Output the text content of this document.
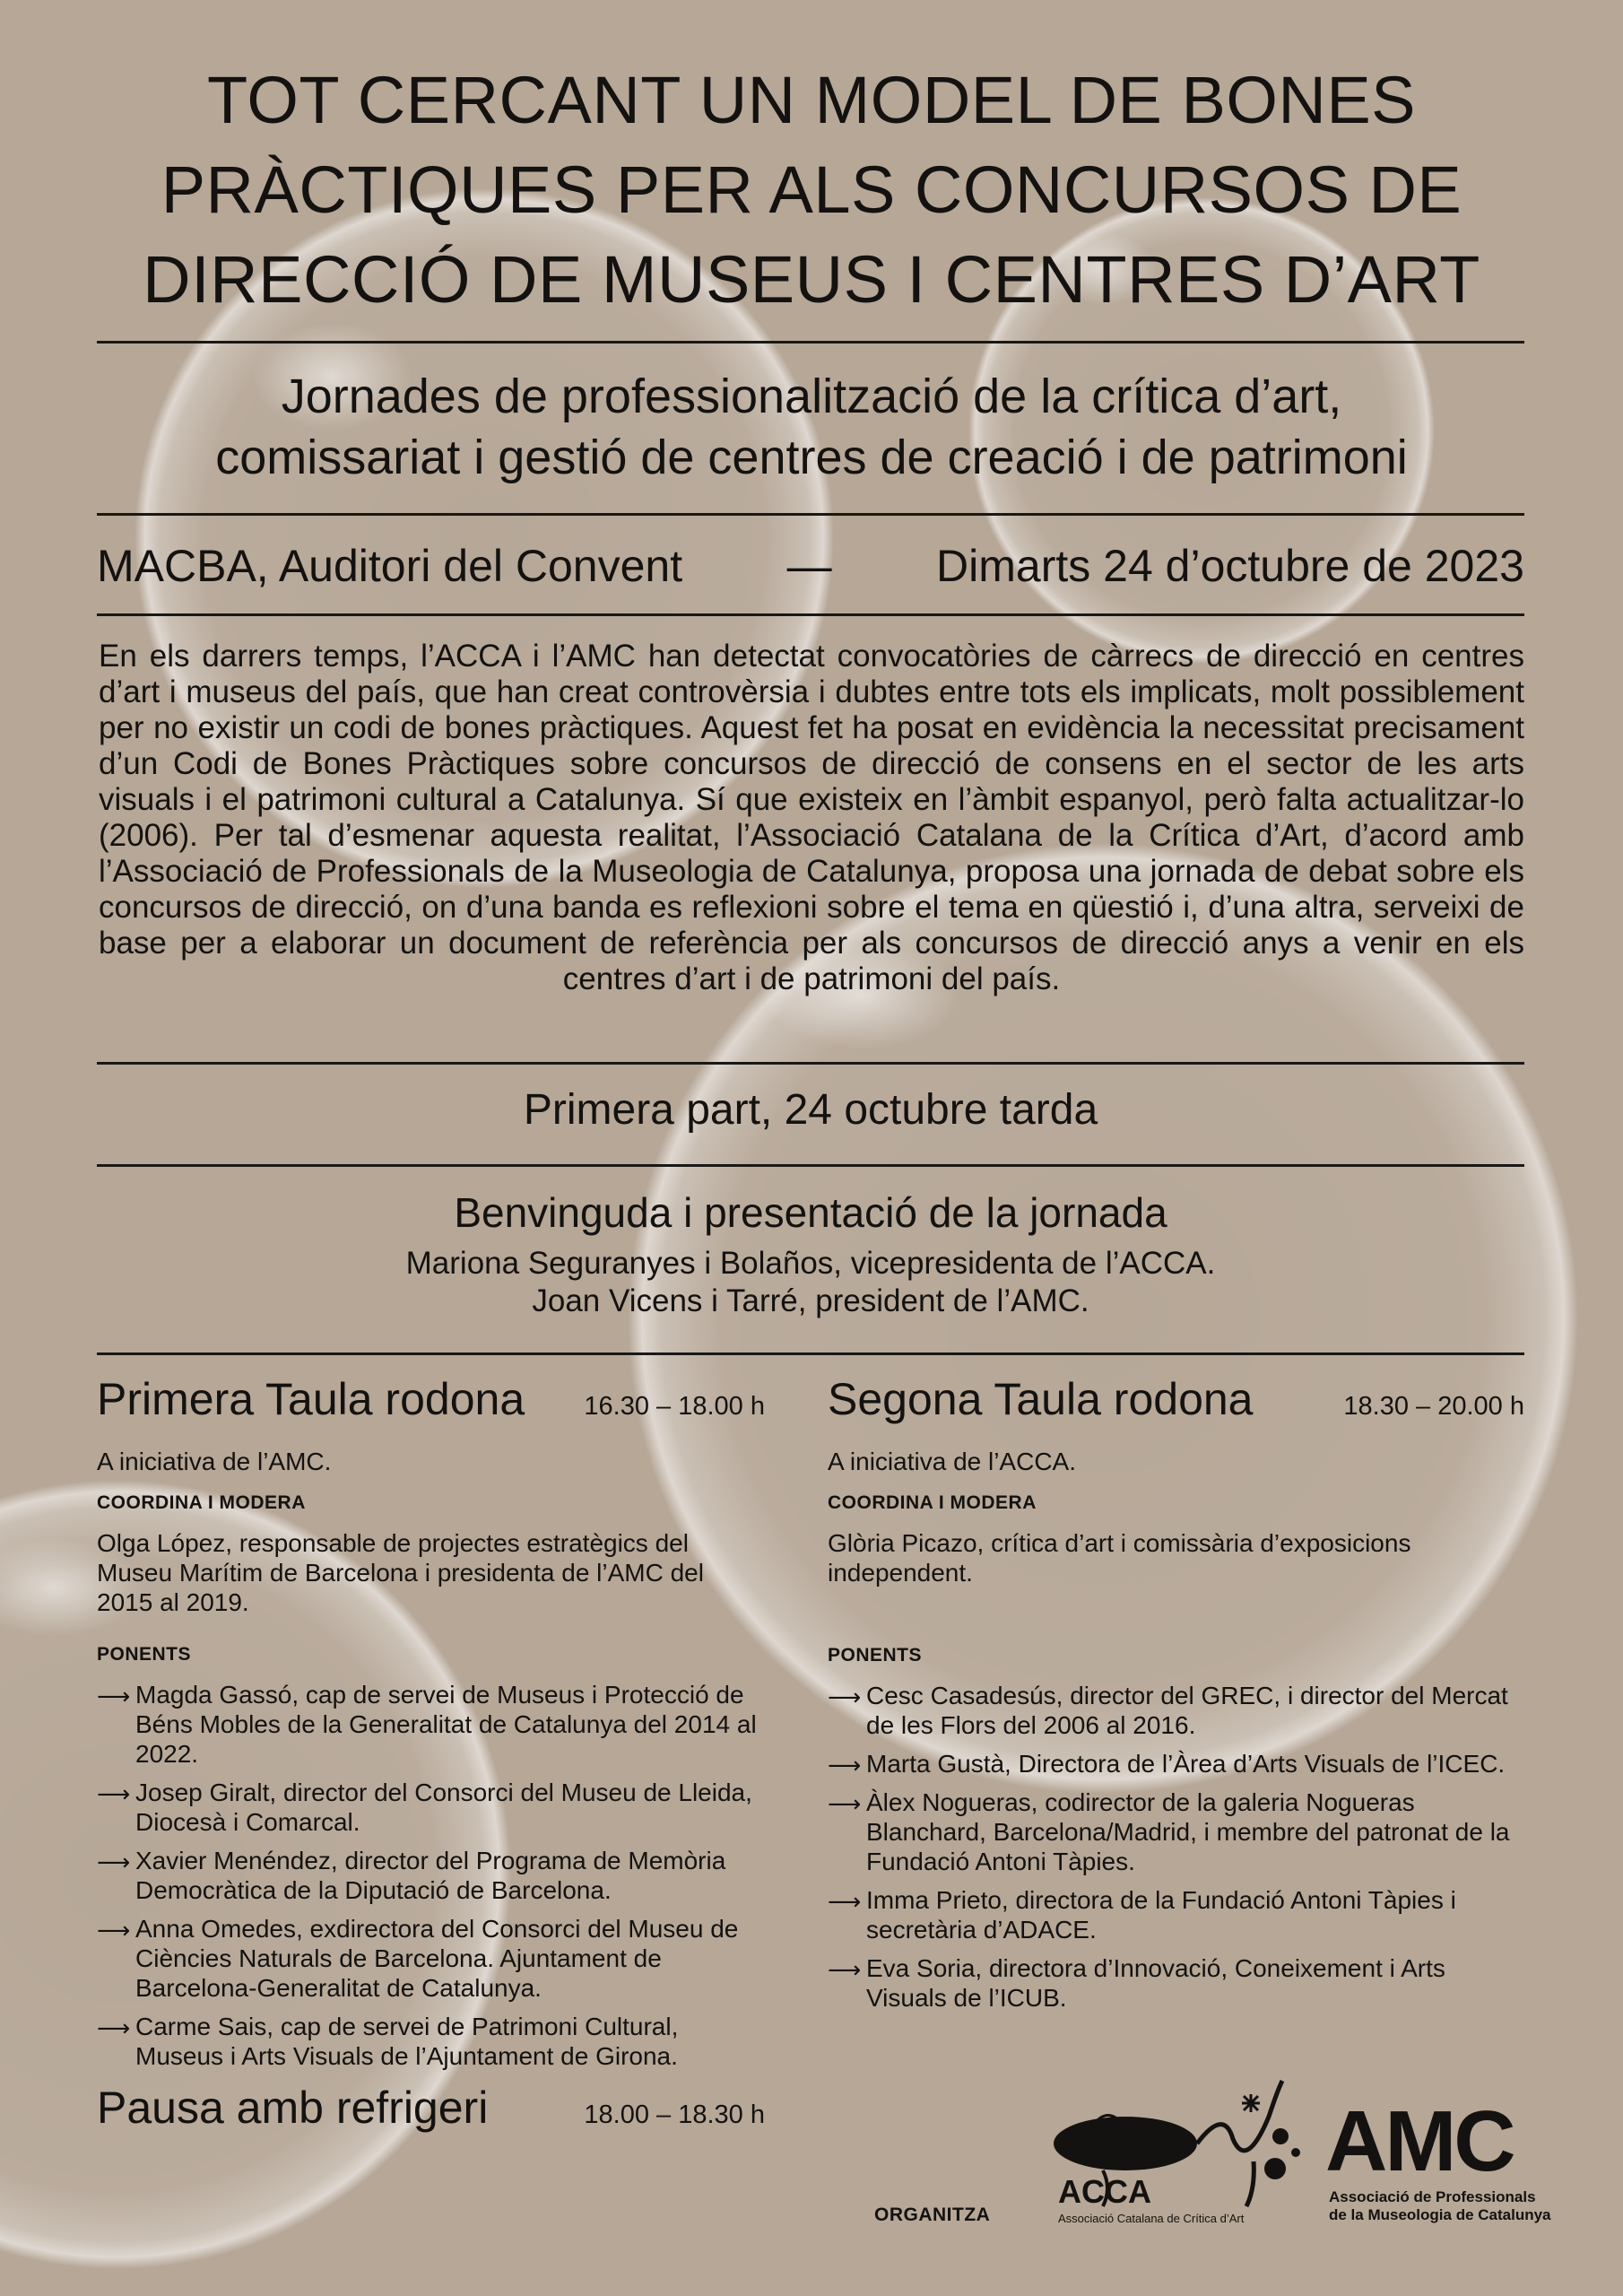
TOT CERCANT UN MODEL DE BONES
PRÀCTIQUES PER ALS CONCURSOS DE
DIRECCIÓ DE MUSEUS I CENTRES D’ART
Jornades de professionalització de la crítica d’art,
comissariat i gestió de centres de creació i de patrimoni
MACBA, Auditori del Convent	—	Dimarts 24 d’octubre de 2023

En els darrers temps, l’ACCA i l’AMC han detectat convocatòries de càrrecs de direcció en centres d’art i museus del país, que han creat controvèrsia i dubtes entre tots els implicats, molt possiblement per no existir un codi de bones pràctiques. Aquest fet ha posat en evidència la necessitat precisament d’un Codi de Bones Pràctiques sobre concursos de direcció de consens en el sector de les arts visuals i el patrimoni cultural a Catalunya. Sí que existeix en l’àmbit espanyol, però falta actualitzar-lo (2006). Per tal d’esmenar aquesta realitat, l’Associació Catalana de la Crítica d’Art, d’acord amb l’Associació de Professionals de la Museologia de Catalunya, proposa una jornada de debat sobre els concursos de direcció, on d’una banda es reflexioni sobre el tema en qüestió i, d’una altra, serveixi de base per a elaborar un document de referència per als concursos de direcció anys a venir en els centres d’art i de patrimoni del país.

Primera part, 24 octubre tarda
Benvinguda i presentació de la jornada
Mariona Seguranyes i Bolaños, vicepresidenta de l’ACCA.
Joan Vicens i Tarré, president de l’AMC.
Primera Taula rodona 16.30 – 18.00 h
A iniciativa de l’AMC.
COORDINA I MODERA
Olga López, responsable de projectes estratègics del Museu Marítim de Barcelona i presidenta de l’AMC del 2015 al 2019.
PONENTS
⟶ Magda Gassó, cap de servei de Museus i Protecció de Béns Mobles de la Generalitat de Catalunya del 2014 al 2022.
⟶ Josep Giralt, director del Consorci del Museu de Lleida, Diocesà i Comarcal.
⟶ Xavier Menéndez, director del Programa de Memòria Democràtica de la Diputació de Barcelona.
⟶ Anna Omedes, exdirectora del Consorci del Museu de Ciències Naturals de Barcelona. Ajuntament de Barcelona-Generalitat de Catalunya.
⟶ Carme Sais, cap de servei de Patrimoni Cultural, Museus i Arts Visuals de l’Ajuntament de Girona.
Segona Taula rodona	18.30 – 20.00 h
A iniciativa de l’ACCA.
COORDINA I MODERA
Glòria Picazo, crítica d’art i comissària d’exposicions independent.
PONENTS
⟶ Cesc Casadesús, director del GREC, i director del Mercat de les Flors del 2006 al 2016.
⟶ Marta Gustà, Directora de l’Àrea d’Arts Visuals de l’ICEC.
⟶ Àlex Nogueras, codirector de la galeria Nogueras Blanchard, Barcelona/Madrid, i membre del patronat de la Fundació Antoni Tàpies.
⟶ Imma Prieto, directora de la Fundació Antoni Tàpies i secretària d’ADACE.
⟶ Eva Soria, directora d’Innovació, Coneixement i Arts Visuals de l’ICUB.
Pausa amb refrigeri	18.00 – 18.30 h
ORGANITZA
ACCA
Associació Catalana de Crítica d’Art
AMC
Associació de Professionals
de la Museologia de Catalunya
